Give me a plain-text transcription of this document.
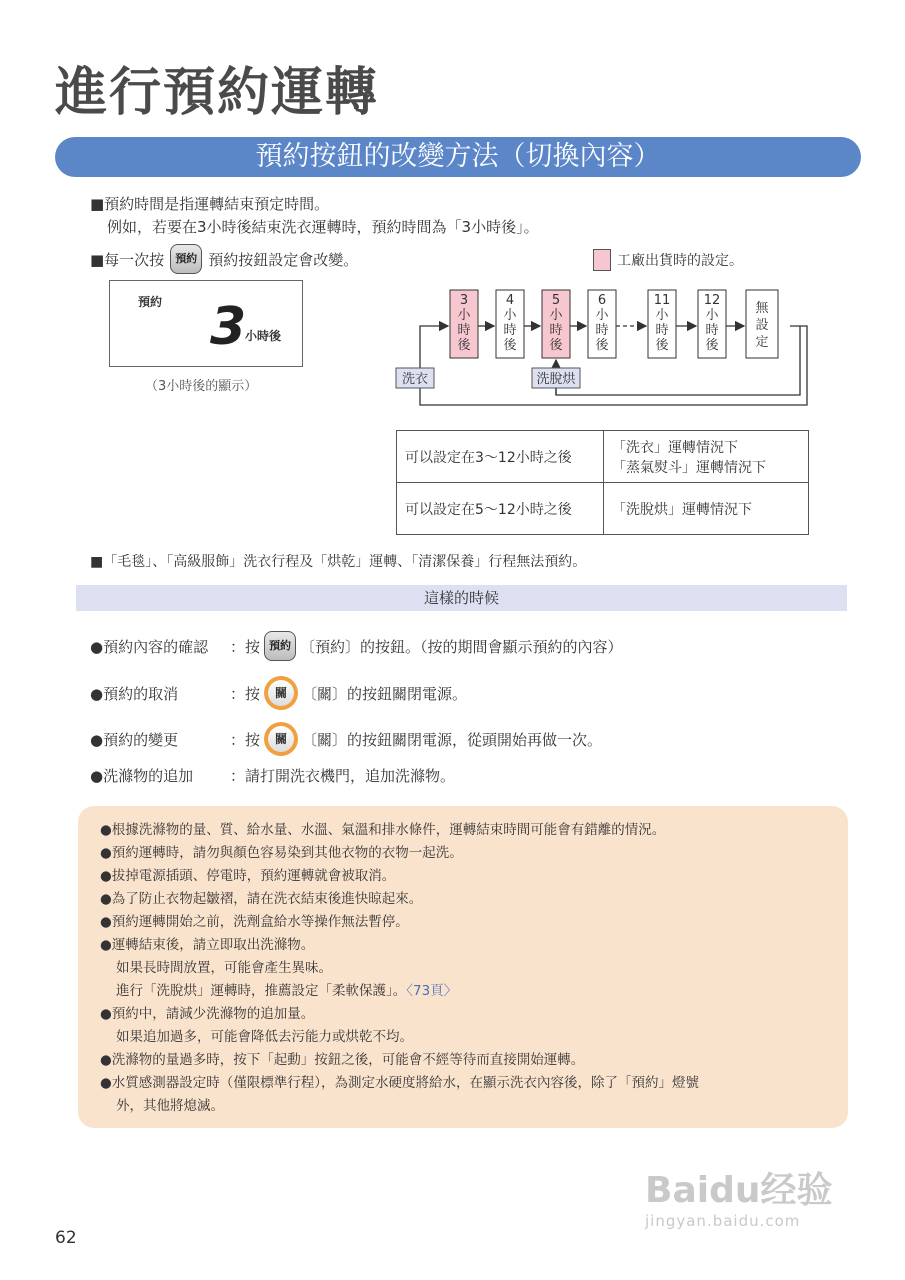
進行預約運轉
預約按鈕的改變方法（切換內容）
■預約時間是指運轉結束預定時間。
例如，若要在3小時後結束洗衣運轉時，預約時間為「3小時後」。
■每一次按	預約 預約按鈕設定會改變。
預約 3
小時後
（3小時後的顯示）
工廠出貨時的設定。
3
小
時
後
4
小
時
後
5
小
時
後
6
小
時
後
11
小
時
後
12
小
時
後
無
設
定
洗衣	洗脫烘
可以設定在3～12小時之後	「洗衣」運轉情況下
「蒸氣熨斗」運轉情況下

可以設定在5～12小時之後	「洗脫烘」運轉情況下
■「毛毯」、「高級服飾」洗衣行程及「烘乾」運轉、「清潔保養」行程無法預約。
這樣的時候
●預約內容的確認	：按 預約 〔預約〕的按鈕。（按的期間會顯示預約的內容）
●預約的取消	：按	關	〔關〕的按鈕關閉電源。
●預約的變更	：按	關	〔關〕的按鈕關閉電源，從頭開始再做一次。
●洗滌物的追加	：請打開洗衣機門，追加洗滌物。
●根據洗滌物的量、質、給水量、水溫、氣溫和排水條件，運轉結束時間可能會有錯離的情況。
●預約運轉時，請勿與顏色容易染到其他衣物的衣物一起洗。
●拔掉電源插頭、停電時，預約運轉就會被取消。
●為了防止衣物起皺褶，請在洗衣結束後進快晾起來。
●預約運轉開始之前，洗劑盒給水等操作無法暫停。
●運轉結束後，請立即取出洗滌物。
如果長時間放置，可能會產生異味。
進行「洗脫烘」運轉時，推薦設定「柔軟保護」。〈73頁〉
●預約中，請減少洗滌物的追加量。
如果追加過多，可能會降低去污能力或烘乾不均。
●洗滌物的量過多時，按下「起動」按鈕之後，可能會不經等待而直接開始運轉。
●水質感測器設定時（僅限標準行程），為測定水硬度將給水，在顯示洗衣內容後，除了「預約」燈號
外，其他將熄滅。
62
Baidu经验
jingyan.baidu.com
